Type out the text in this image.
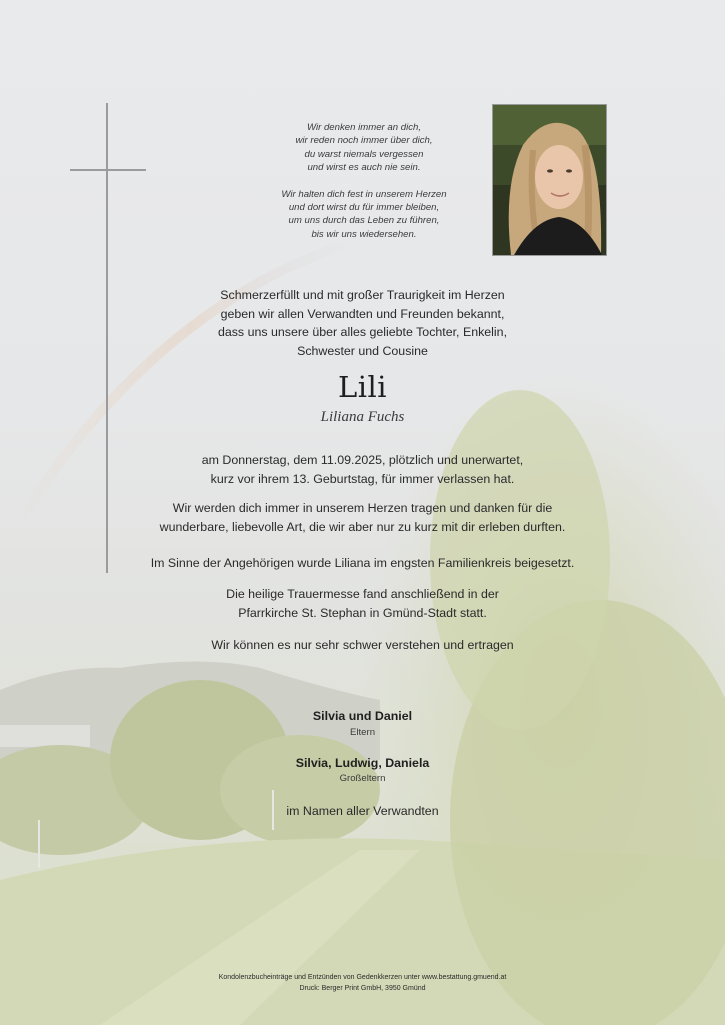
Wir denken immer an dich,
wir reden noch immer über dich,
du warst niemals vergessen
und wirst es auch nie sein.
Wir halten dich fest in unserem Herzen
und dort wirst du für immer bleiben,
um uns durch das Leben zu führen,
bis wir uns wiedersehen.
Schmerzerfüllt und mit großer Traurigkeit im Herzen
geben wir allen Verwandten und Freunden bekannt,
dass uns unsere über alles geliebte Tochter, Enkelin,
Schwester und Cousine
Lili
Liliana Fuchs
am Donnerstag, dem 11.09.2025, plötzlich und unerwartet,
kurz vor ihrem 13. Geburtstag, für immer verlassen hat.
Wir werden dich immer in unserem Herzen tragen und danken für die
wunderbare, liebevolle Art, die wir aber nur zu kurz mit dir erleben durften.
Im Sinne der Angehörigen wurde Liliana im engsten Familienkreis beigesetzt.
Die heilige Trauermesse fand anschließend in der
Pfarrkirche St. Stephan in Gmünd-Stadt statt.
Wir können es nur sehr schwer verstehen und ertragen
Silvia und Daniel
Eltern
Silvia, Ludwig, Daniela
Großeltern
im Namen aller Verwandten
Kondolenzbucheinträge und Entzünden von Gedenkkerzen unter www.bestattung.gmuend.at
Druck: Berger Print GmbH, 3950 Gmünd
